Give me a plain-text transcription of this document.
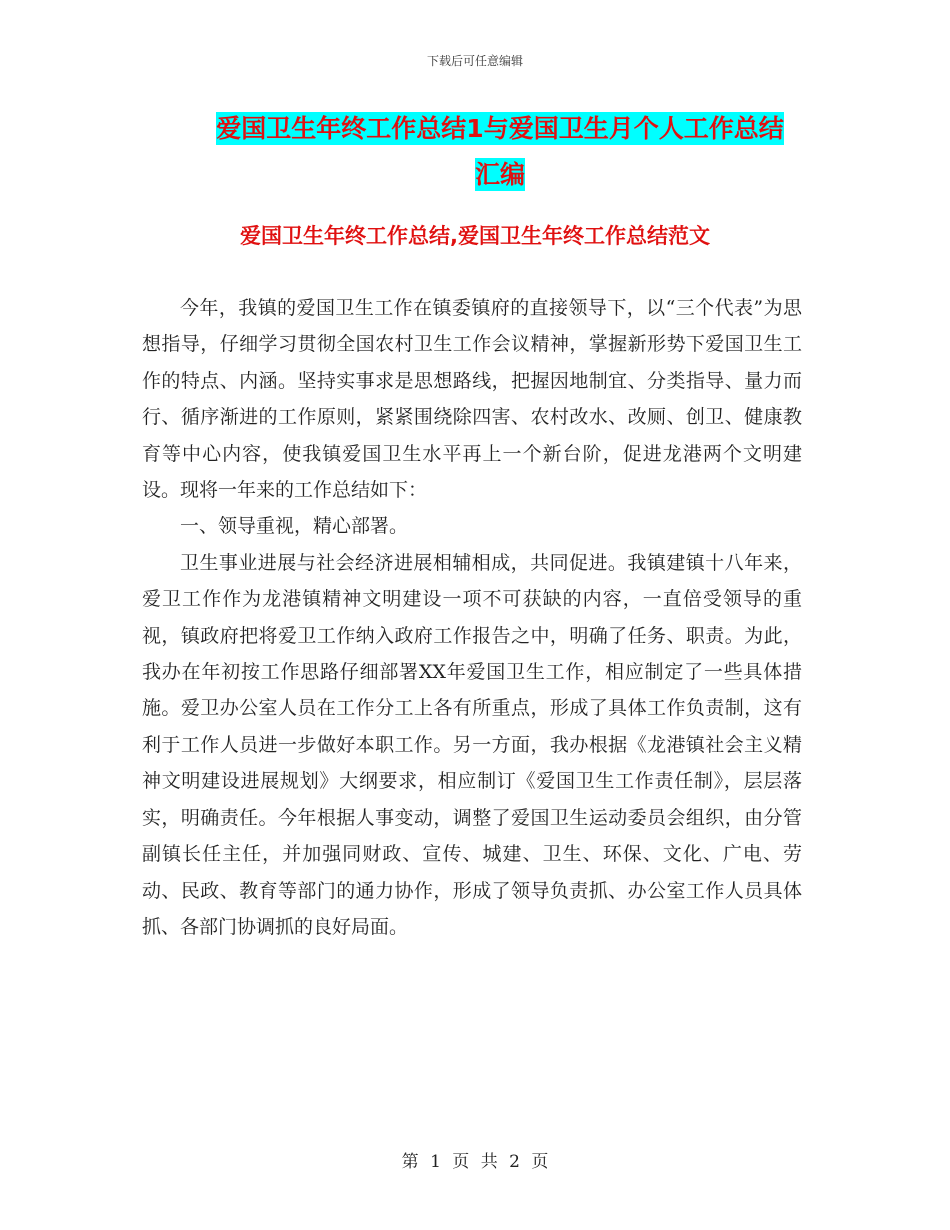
下载后可任意编辑
爱国卫生年终工作总结1与爱国卫生月个人工作总结
汇编
爱国卫生年终工作总结,爱国卫生年终工作总结范文

今年，我镇的爱国卫生工作在镇委镇府的直接领导下，以“三个代表”为思想指导，仔细学习贯彻全国农村卫生工作会议精神，掌握新形势下爱国卫生工作的特点、内涵。坚持实事求是思想路线，把握因地制宜、分类指导、量力而行、循序渐进的工作原则，紧紧围绕除四害、农村改水、改厕、创卫、健康教育等中心内容，使我镇爱国卫生水平再上一个新台阶，促进龙港两个文明建设。现将一年来的工作总结如下：

一、领导重视，精心部署。

卫生事业进展与社会经济进展相辅相成，共同促进。我镇建镇十八年来，爱卫工作作为龙港镇精神文明建设一项不可获缺的内容，一直倍受领导的重视，镇政府把将爱卫工作纳入政府工作报告之中，明确了任务、职责。为此，我办在年初按工作思路仔细部署XX年爱国卫生工作，相应制定了一些具体措施。爱卫办公室人员在工作分工上各有所重点，形成了具体工作负责制，这有利于工作人员进一步做好本职工作。另一方面，我办根据《龙港镇社会主义精神文明建设进展规划》大纲要求，相应制订《爱国卫生工作责任制》，层层落实，明确责任。今年根据人事变动，调整了爱国卫生运动委员会组织，由分管副镇长任主任，并加强同财政、宣传、城建、卫生、环保、文化、广电、劳动、民政、教育等部门的通力协作，形成了领导负责抓、办公室工作人员具体抓、各部门协调抓的良好局面。

第 1 页 共 2 页
